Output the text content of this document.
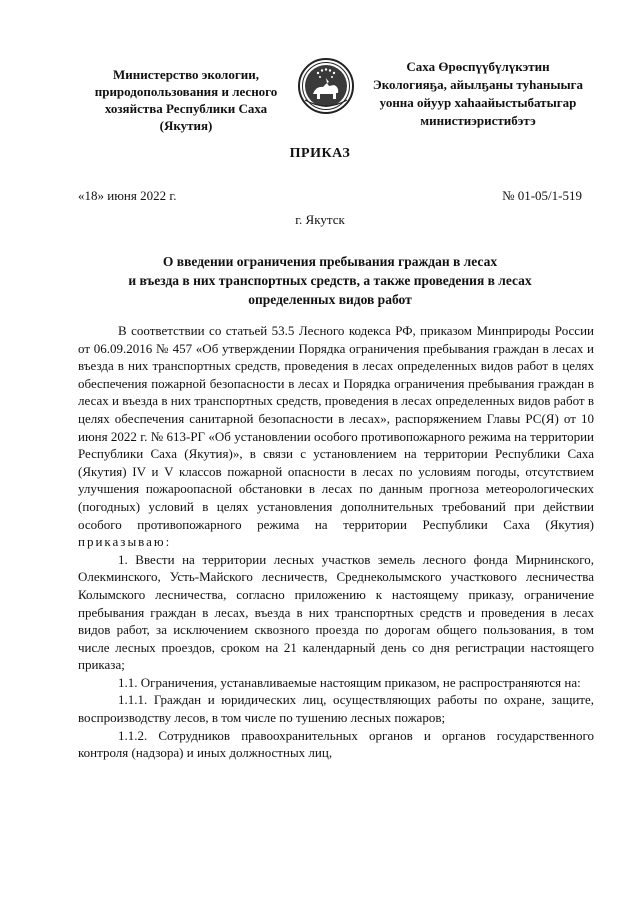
Министерство экологии,
природопользования и лесного
хозяйства Республики Саха
(Якутия)
Саха Өрөспүүбүлүкэтин
Экологияҕа, айылҕаны туһаныыга
уонна ойуур хаһаайыстыбатыгар
министиэристибэтэ
ПРИКАЗ
«18» июня 2022 г.	№ 01-05/1-519
г. Якутск
О введении ограничения пребывания граждан в лесах
и въезда в них транспортных средств, а также проведения в лесах
определенных видов работ

В соответствии со статьей 53.5 Лесного кодекса РФ, приказом Минприроды России от 06.09.2016 № 457 «Об утверждении Порядка ограничения пребывания граждан в лесах и въезда в них транспортных средств, проведения в лесах определенных видов работ в целях обеспечения пожарной безопасности в лесах и Порядка ограничения пребывания граждан в лесах и въезда в них транспортных средств, проведения в лесах определенных видов работ в целях обеспечения санитарной безопасности в лесах», распоряжением Главы РС(Я) от 10 июня 2022 г. № 613-РГ «Об установлении особого противопожарного режима на территории Республики Саха (Якутия)», в связи с установлением на территории Республики Саха (Якутия) IV и V классов пожарной опасности в лесах по условиям погоды, отсутствием улучшения пожароопасной обстановки в лесах по данным прогноза метеорологических (погодных) условий в целях установления дополнительных требований при действии особого противопожарного режима на территории Республики Саха (Якутия) приказываю:

1. Ввести на территории лесных участков земель лесного фонда Мирнинского, Олекминского, Усть-Майского лесничеств, Среднеколымского участкового лесничества Колымского лесничества, согласно приложению к настоящему приказу, ограничение пребывания граждан в лесах, въезда в них транспортных средств и проведения в лесах видов работ, за исключением сквозного проезда по дорогам общего пользования, в том числе лесных проездов, сроком на 21 календарный день со дня регистрации настоящего приказа;

1.1. Ограничения, устанавливаемые настоящим приказом, не распространяются на:

1.1.1. Граждан и юридических лиц, осуществляющих работы по охране, защите, воспроизводству лесов, в том числе по тушению лесных пожаров;

1.1.2. Сотрудников правоохранительных органов и органов государственного контроля (надзора) и иных должностных лиц,
